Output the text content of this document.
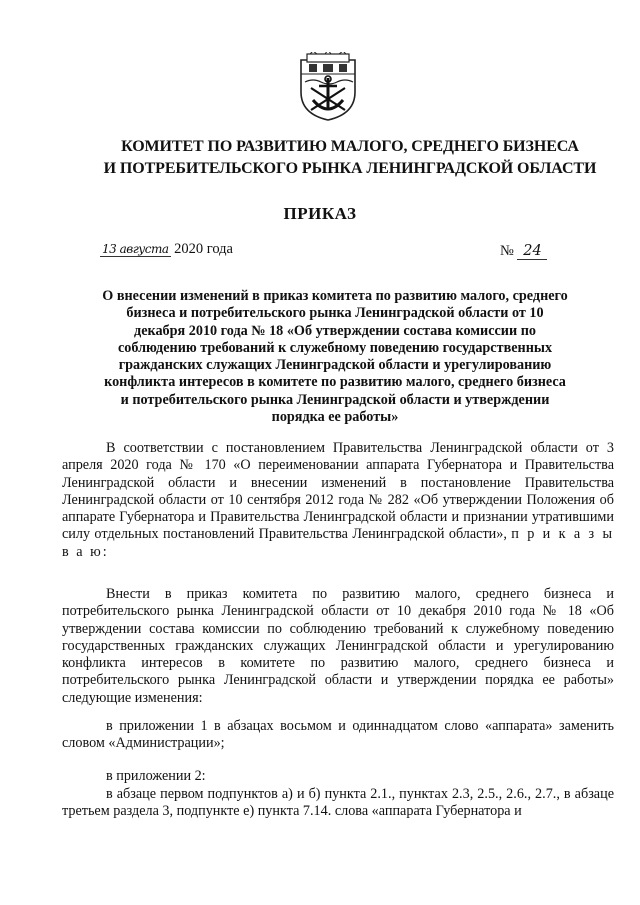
КОМИТЕТ ПО РАЗВИТИЮ МАЛОГО, СРЕДНЕГО БИЗНЕСА
И ПОТРЕБИТЕЛЬСКОГО РЫНКА ЛЕНИНГРАДСКОЙ ОБЛАСТИ
ПРИКАЗ
13 августа 2020 года	№ 24
О внесении изменений в приказ комитета по развитию малого, среднего бизнеса и потребительского рынка Ленинградской области от 10 декабря 2010 года № 18 «Об утверждении состава комиссии по соблюдению требований к служебному поведению государственных гражданских служащих Ленинградской области и урегулированию конфликта интересов в комитете по развитию малого, среднего бизнеса и потребительского рынка Ленинградской области и утверждении порядка ее работы»
В соответствии с постановлением Правительства Ленинградской области от 3 апреля 2020 года № 170 «О переименовании аппарата Губернатора и Правительства Ленинградской области и внесении изменений в постановление Правительства Ленинградской области от 10 сентября 2012 года № 282 «Об утверждении Положения об аппарате Губернатора и Правительства Ленинградской области и признании утратившими силу отдельных постановлений Правительства Ленинградской области», п р и к а з ы в а ю:
Внести в приказ комитета по развитию малого, среднего бизнеса и потребительского рынка Ленинградской области от 10 декабря 2010 года № 18 «Об утверждении состава комиссии по соблюдению требований к служебному поведению государственных гражданских служащих Ленинградской области и урегулированию конфликта интересов в комитете по развитию малого, среднего бизнеса и потребительского рынка Ленинградской области и утверждении порядка ее работы» следующие изменения:
в приложении 1 в абзацах восьмом и одиннадцатом слово «аппарата» заменить словом «Администрации»;
в приложении 2:
в абзаце первом подпунктов а) и б) пункта 2.1., пунктах 2.3, 2.5., 2.6., 2.7., в абзаце третьем раздела 3, подпункте е) пункта 7.14. слова «аппарата Губернатора и
